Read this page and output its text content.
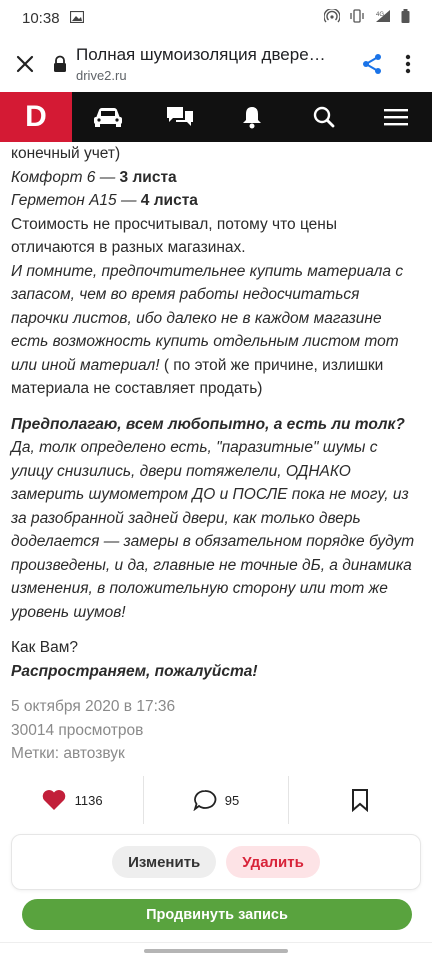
10:38	4G
Полная шумоизоляция двере…
drive2.ru
D

конечный учет)

Комфорт 6 — 3 листа

Герметон А15 — 4 листа

Стоимость не просчитывал, потому что цены отличаются в разных магазинах.

И помните, предпочтительнее купить материала с запасом, чем во время работы недосчитаться парочки листов, ибо далеко не в каждом магазине есть возможность купить отдельным листом тот или иной материал! ( по этой же причине, излишки материала не составляет продать)

Предполагаю, всем любопытно, а есть ли толк? Да, толк определено есть, "паразитные" шумы с улицу снизились, двери потяжелели, ОДНАКО замерить шумометром ДО и ПОСЛЕ пока не могу, из за разобранной задней двери, как только дверь доделается — замеры в обязательном порядке будут произведены, и да, главные не точные дБ, а динамика изменения, в положительную сторону или тот же уровень шумов!

Как Вам?

Распространяем, пожалуйста!

5 октября 2020 в 17:36

30014 просмотров

Метки: автозвук

1136	95
Изменить	Удалить
Продвинуть запись
